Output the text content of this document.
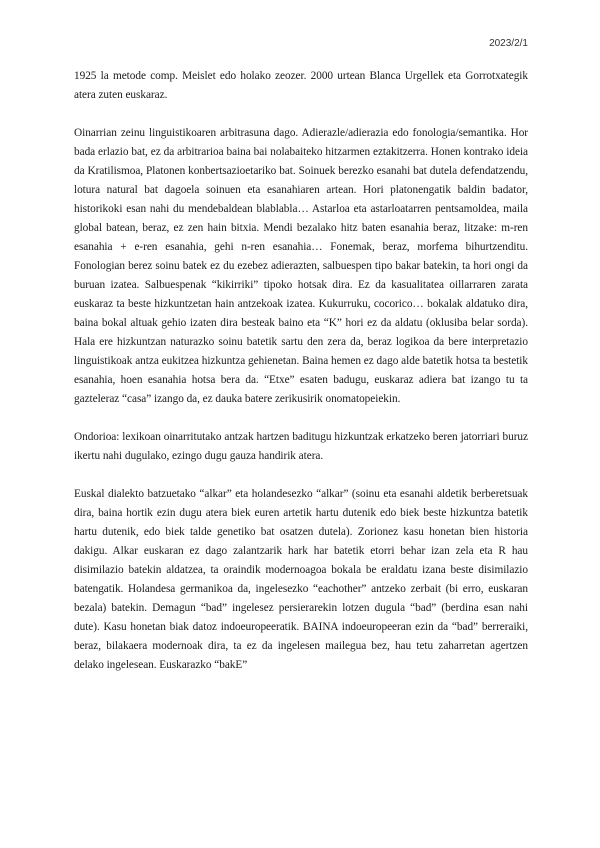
2023/2/1

1925 la metode comp. Meislet edo holako zeozer. 2000 urtean Blanca Urgellek eta Gorrotxategik atera zuten euskaraz.

Oinarrian zeinu linguistikoaren arbitrasuna dago. Adierazle/adierazia edo fonologia/semantika. Hor bada erlazio bat, ez da arbitrarioa baina bai nolabaiteko hitzarmen eztakitzerra. Honen kontrako ideia da Kratilismoa, Platonen konbertsazioetariko bat. Soinuek berezko esanahi bat dutela defendatzendu, lotura natural bat dagoela soinuen eta esanahiaren artean. Hori platonengatik baldin badator, historikoki esan nahi du mendebaldean blablabla… Astarloa eta astarloatarren pentsamoldea, maila global batean, beraz, ez zen hain bitxia. Mendi bezalako hitz baten esanahia beraz, litzake: m-ren esanahia + e-ren esanahia, gehi n-ren esanahia… Fonemak, beraz, morfema bihurtzenditu. Fonologian berez soinu batek ez du ezebez adierazten, salbuespen tipo bakar batekin, ta hori ongi da buruan izatea. Salbuespenak “kikirriki” tipoko hotsak dira. Ez da kasualitatea oillarraren zarata euskaraz ta beste hizkuntzetan hain antzekoak izatea. Kukurruku, cocorico… bokalak aldatuko dira, baina bokal altuak gehio izaten dira besteak baino eta “K” hori ez da aldatu (oklusiba belar sorda). Hala ere hizkuntzan naturazko soinu batetik sartu den zera da, beraz logikoa da bere interpretazio linguistikoak antza eukitzea hizkuntza gehienetan. Baina hemen ez dago alde batetik hotsa ta bestetik esanahia, hoen esanahia hotsa bera da. “Etxe” esaten badugu, euskaraz adiera bat izango tu ta gazteleraz “casa” izango da, ez dauka batere zerikusirik onomatopeiekin.

Ondorioa: lexikoan oinarritutako antzak hartzen baditugu hizkuntzak erkatzeko beren jatorriari buruz ikertu nahi dugulako, ezingo dugu gauza handirik atera.

Euskal dialekto batzuetako “alkar” eta holandesezko “alkar” (soinu eta esanahi aldetik berberetsuak dira, baina hortik ezin dugu atera biek euren artetik hartu dutenik edo biek beste hizkuntza batetik hartu dutenik, edo biek talde genetiko bat osatzen dutela). Zorionez kasu honetan bien historia dakigu. Alkar euskaran ez dago zalantzarik hark har batetik etorri behar izan zela eta R hau disimilazio batekin aldatzea, ta oraindik modernoagoa bokala be eraldatu izana beste disimilazio batengatik. Holandesa germanikoa da, ingelesezko “eachother” antzeko zerbait (bi erro, euskaran bezala) batekin. Demagun “bad” ingelesez persierarekin lotzen dugula “bad” (berdina esan nahi dute). Kasu honetan biak datoz indoeuropeeratik. BAINA indoeuropeeran ezin da “bad” berreraiki, beraz, bilakaera modernoak dira, ta ez da ingelesen mailegua bez, hau tetu zaharretan agertzen delako ingelesean. Euskarazko “bakE”
